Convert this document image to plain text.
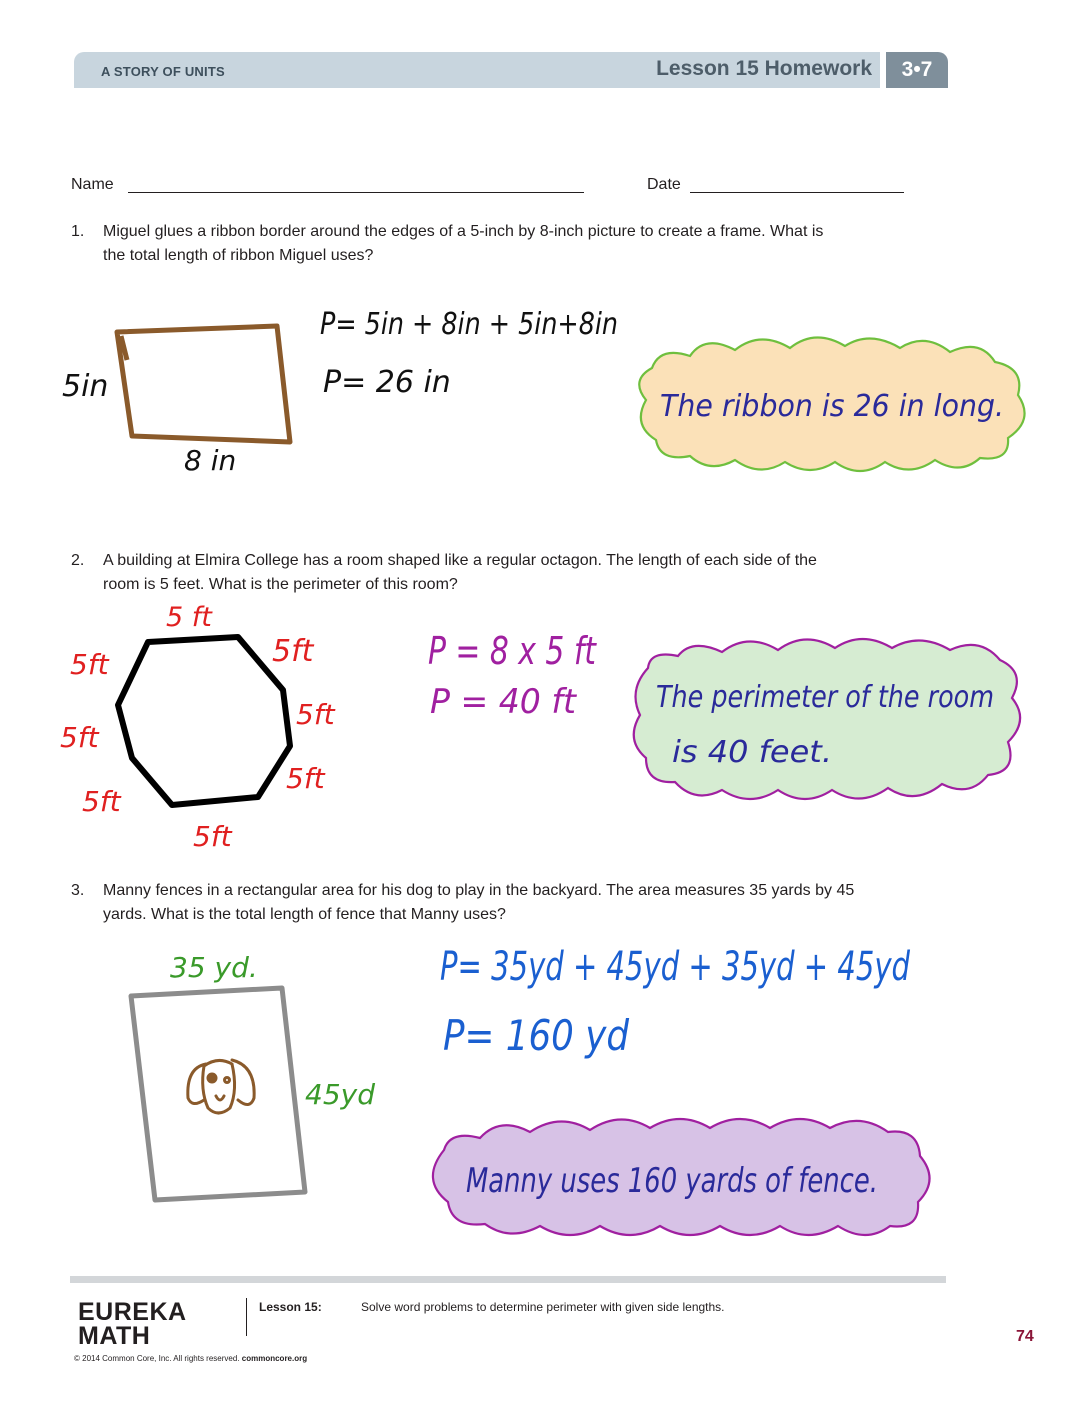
A STORY OF UNITS	Lesson 15 Homework	3•7
Name	Date
1. Miguel glues a ribbon border around the edges of a 5-inch by 8-inch picture to create a frame. What is
the total length of ribbon Miguel uses?
2. A building at Elmira College has a room shaped like a regular octagon. The length of each side of the
room is 5 feet. What is the perimeter of this room?
3. Manny fences in a rectangular area for his dog to play in the backyard. The area measures 35 yards by 45
yards. What is the total length of fence that Manny uses?
5in
8 in
P= 5in + 8in + 5in+8in
P= 26 in
The ribbon is 26 in long.
5 ft
5ft
5ft
5ft
5ft
5ft
5ft
5ft	P = 8 x 5 ft
P = 40 ft	The perimeter of the room
is 40 feet.
35 yd.
45yd
P= 35yd + 45yd + 35yd + 45yd
P= 160 yd
Manny uses 160 yards of fence.
EUREKA
MATH
Lesson 15:	Solve word problems to determine perimeter with given side lengths.
© 2014 Common Core, Inc. All rights reserved. commoncore.org
74
